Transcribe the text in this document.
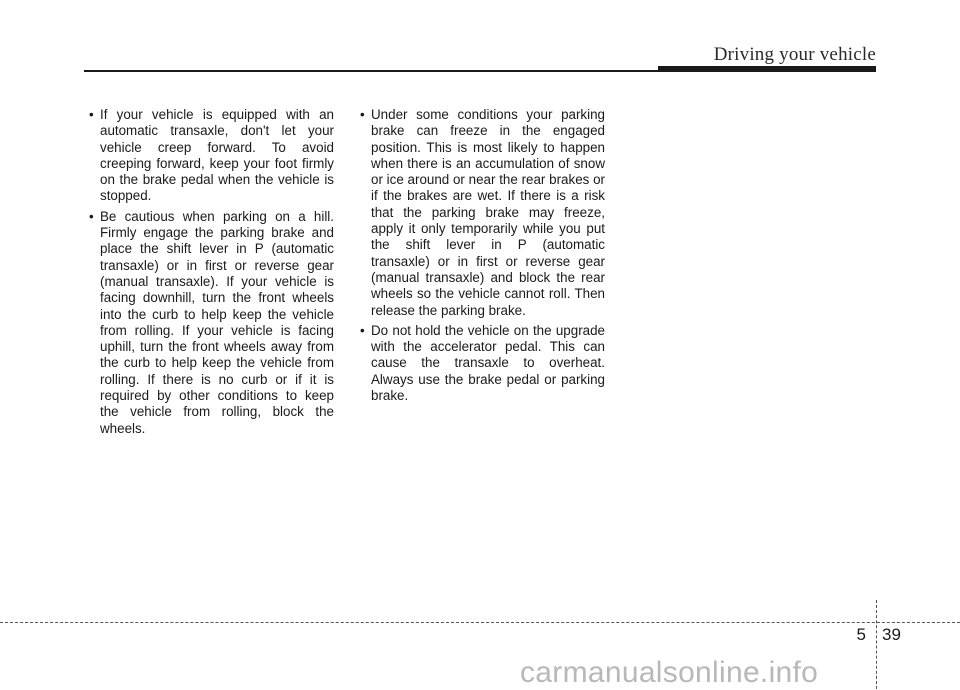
Driving your vehicle

• If your vehicle is equipped with an automatic transaxle, don't let your vehicle creep forward. To avoid creeping forward, keep your foot firmly on the brake pedal when the vehicle is stopped.

• Be cautious when parking on a hill. Firmly engage the parking brake and place the shift lever in P (automatic transaxle) or in first or reverse gear (manual transaxle). If your vehicle is facing downhill, turn the front wheels into the curb to help keep the vehicle from rolling. If your vehicle is facing uphill, turn the front wheels away from the curb to help keep the vehicle from rolling. If there is no curb or if it is required by other conditions to keep the vehicle from rolling, block the wheels.

• Under some conditions your parking brake can freeze in the engaged position. This is most likely to happen when there is an accumulation of snow or ice around or near the rear brakes or if the brakes are wet. If there is a risk that the parking brake may freeze, apply it only temporarily while you put the shift lever in P (automatic transaxle) or in first or reverse gear (manual transaxle) and block the rear wheels so the vehicle cannot roll. Then release the parking brake.

• Do not hold the vehicle on the upgrade with the accelerator pedal. This can cause the transaxle to overheat. Always use the brake pedal or parking brake.

5 39
carmanualsonline.info
